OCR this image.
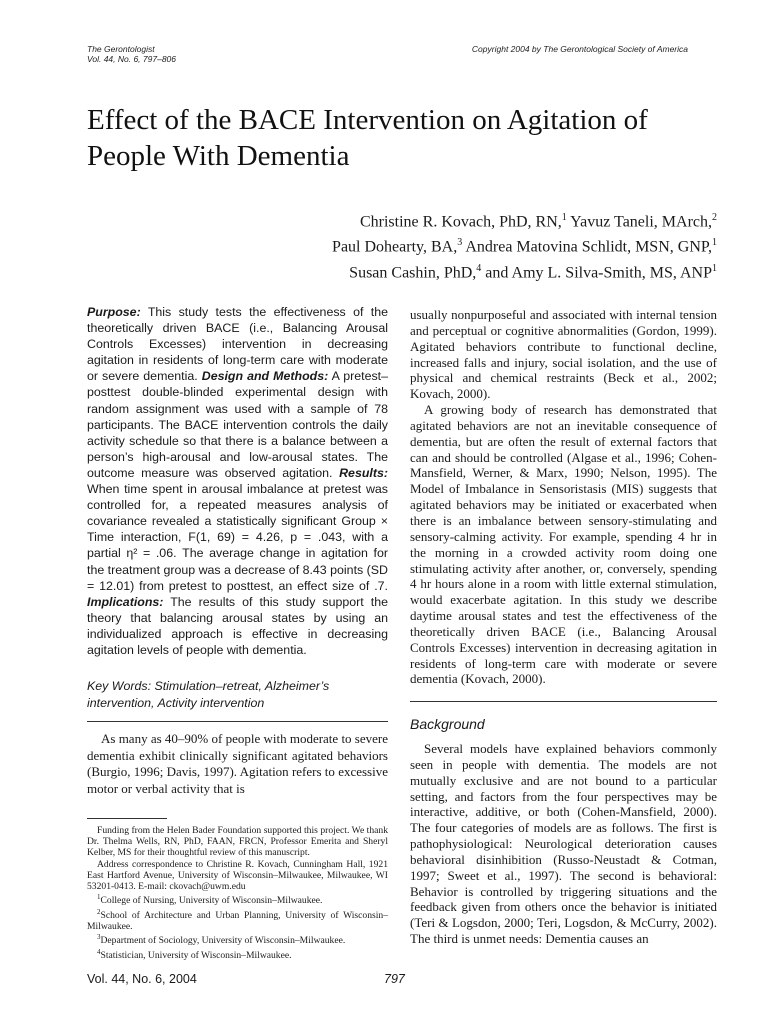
The Gerontologist
Vol. 44, No. 6, 797–806
Copyright 2004 by The Gerontological Society of America
Effect of the BACE Intervention on Agitation of People With Dementia
Christine R. Kovach, PhD, RN,$^1$ Yavuz Taneli, MArch,$^2$
Paul Dohearty, BA,$^3$ Andrea Matovina Schlidt, MSN, GNP,$^1$
Susan Cashin, PhD,$^4$ and Amy L. Silva-Smith, MS, ANP$^1$
Purpose: This study tests the effectiveness of the theoretically driven BACE (i.e., Balancing Arousal Controls Excesses) intervention in decreasing agitation in residents of long-term care with moderate or severe dementia. Design and Methods: A pretest–posttest double-blinded experimental design with random assignment was used with a sample of 78 participants. The BACE intervention controls the daily activity schedule so that there is a balance between a person’s high-arousal and low-arousal states. The outcome measure was observed agitation. Results: When time spent in arousal imbalance at pretest was controlled for, a repeated measures analysis of covariance revealed a statistically significant Group × Time interaction, F(1, 69) = 4.26, p = .043, with a partial η² = .06. The average change in agitation for the treatment group was a decrease of 8.43 points (SD = 12.01) from pretest to posttest, an effect size of .7. Implications: The results of this study support the theory that balancing arousal states by using an individualized approach is effective in decreasing agitation levels of people with dementia.
Key Words: Stimulation–retreat, Alzheimer’s intervention, Activity intervention
As many as 40–90% of people with moderate to severe dementia exhibit clinically significant agitated behaviors (Burgio, 1996; Davis, 1997). Agitation refers to excessive motor or verbal activity that is

Funding from the Helen Bader Foundation supported this project. We thank Dr. Thelma Wells, RN, PhD, FAAN, FRCN, Professor Emerita and Sheryl Kelber, MS for their thoughtful review of this manuscript.

Address correspondence to Christine R. Kovach, Cunningham Hall, 1921 East Hartford Avenue, University of Wisconsin–Milwaukee, Milwaukee, WI 53201-0413. E-mail: ckovach@uwm.edu

$^1$College of Nursing, University of Wisconsin–Milwaukee.

$^2$School of Architecture and Urban Planning, University of Wisconsin–Milwaukee.

$^3$Department of Sociology, University of Wisconsin–Milwaukee.

$^4$Statistician, University of Wisconsin–Milwaukee.

usually nonpurposeful and associated with internal tension and perceptual or cognitive abnormalities (Gordon, 1999). Agitated behaviors contribute to functional decline, increased falls and injury, social isolation, and the use of physical and chemical restraints (Beck et al., 2002; Kovach, 2000).

A growing body of research has demonstrated that agitated behaviors are not an inevitable consequence of dementia, but are often the result of external factors that can and should be controlled (Algase et al., 1996; Cohen-Mansfield, Werner, & Marx, 1990; Nelson, 1995). The Model of Imbalance in Sensoristasis (MIS) suggests that agitated behaviors may be initiated or exacerbated when there is an imbalance between sensory-stimulating and sensory-calming activity. For example, spending 4 hr in the morning in a crowded activity room doing one stimulating activity after another, or, conversely, spending 4 hr hours alone in a room with little external stimulation, would exacerbate agitation. In this study we describe daytime arousal states and test the effectiveness of the theoretically driven BACE (i.e., Balancing Arousal Controls Excesses) intervention in decreasing agitation in residents of long-term care with moderate or severe dementia (Kovach, 2000).

Background
Several models have explained behaviors commonly seen in people with dementia. The models are not mutually exclusive and are not bound to a particular setting, and factors from the four perspectives may be interactive, additive, or both (Cohen-Mansfield, 2000). The four categories of models are as follows. The first is pathophysiological: Neurological deterioration causes behavioral disinhibition (Russo-Neustadt & Cotman, 1997; Sweet et al., 1997). The second is behavioral: Behavior is controlled by triggering situations and the feedback given from others once the behavior is initiated (Teri & Logsdon, 2000; Teri, Logsdon, & McCurry, 2002). The third is unmet needs: Dementia causes an
Vol. 44, No. 6, 2004	797
